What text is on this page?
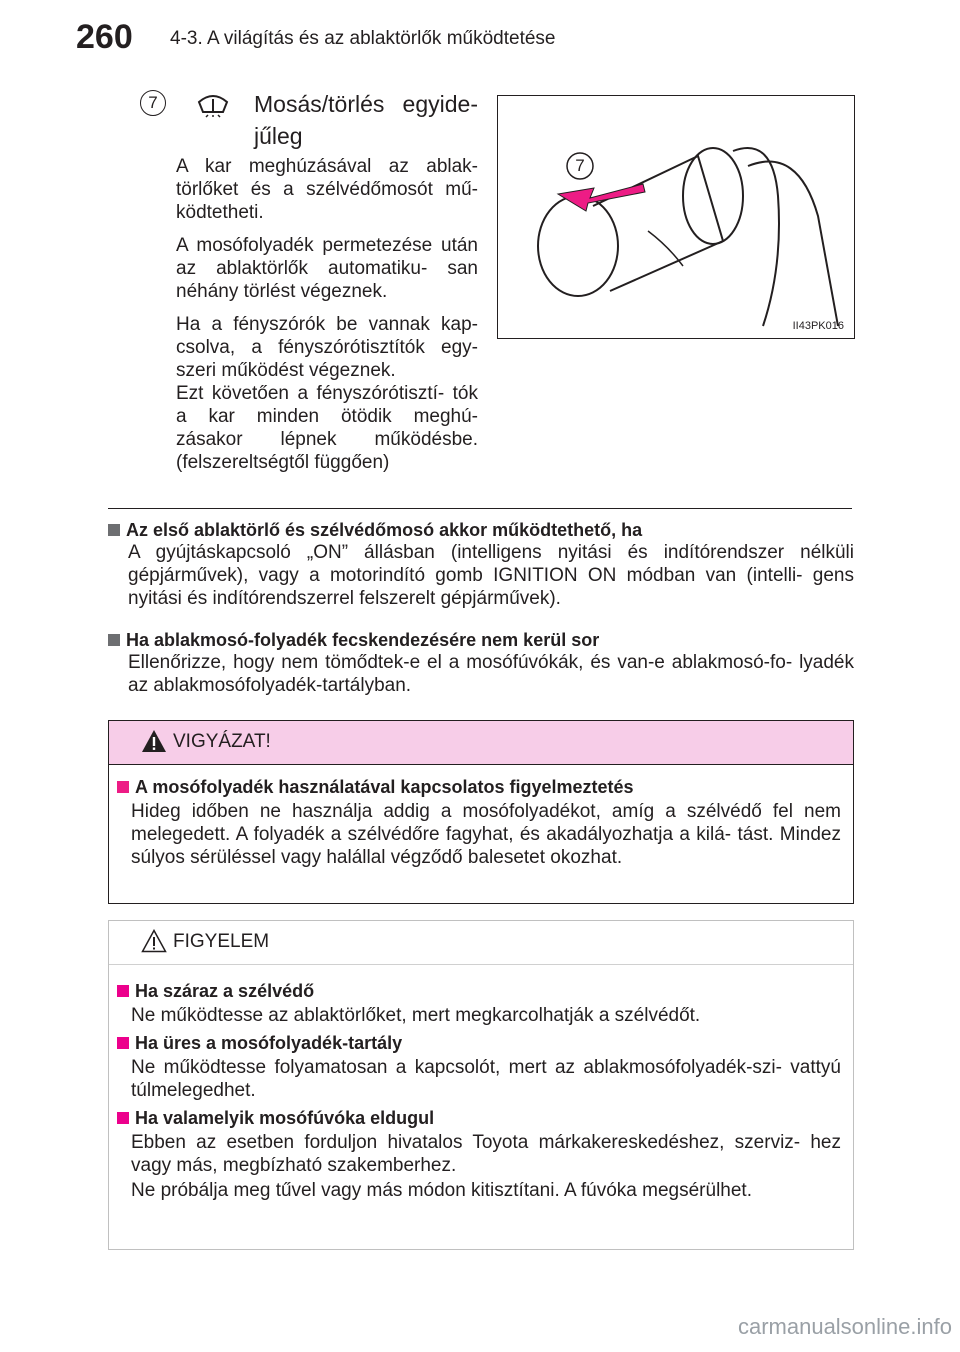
260 4-3. A világítás és az ablaktörlők működtetése
7	Mosás/törlés egyide- jűleg

A kar meghúzásával az ablak- törlőket és a szélvédőmosót mű- ködtetheti.

A mosófolyadék permetezése után az ablaktörlők automatiku- san néhány törlést végeznek.

Ha a fényszórók be vannak kap- csolva, a fényszórótisztítók egy- szeri működést végeznek.

Ezt követően a fényszórótisztí- tók a kar minden ötödik meghú- zásakor lépnek működésbe. (felszereltségtől függően)

7
II43PK016
Az első ablaktörlő és szélvédőmosó akkor működtethető, ha
A gyújtáskapcsoló „ON” állásban (intelligens nyitási és indítórendszer nélküli gépjárművek), vagy a motorindító gomb IGNITION ON módban van (intelli- gens nyitási és indítórendszerrel felszerelt gépjárművek).
Ha ablakmosó-folyadék fecskendezésére nem kerül sor
Ellenőrizze, hogy nem tömődtek-e el a mosófúvókák, és van-e ablakmosó-fo- lyadék az ablakmosófolyadék-tartályban.
VIGYÁZAT!
A mosófolyadék használatával kapcsolatos figyelmeztetés
Hideg időben ne használja addig a mosófolyadékot, amíg a szélvédő fel nem melegedett. A folyadék a szélvédőre fagyhat, és akadályozhatja a kilá- tást. Mindez súlyos sérüléssel vagy halállal végződő balesetet okozhat.
FIGYELEM
Ha száraz a szélvédő
Ne működtesse az ablaktörlőket, mert megkarcolhatják a szélvédőt.
Ha üres a mosófolyadék-tartály
Ne működtesse folyamatosan a kapcsolót, mert az ablakmosófolyadék-szi- vattyú túlmelegedhet.
Ha valamelyik mosófúvóka eldugul
Ebben az esetben forduljon hivatalos Toyota márkakereskedéshez, szerviz- hez vagy más, megbízható szakemberhez.
Ne próbálja meg tűvel vagy más módon kitisztítani. A fúvóka megsérülhet.
carmanualsonline.info
